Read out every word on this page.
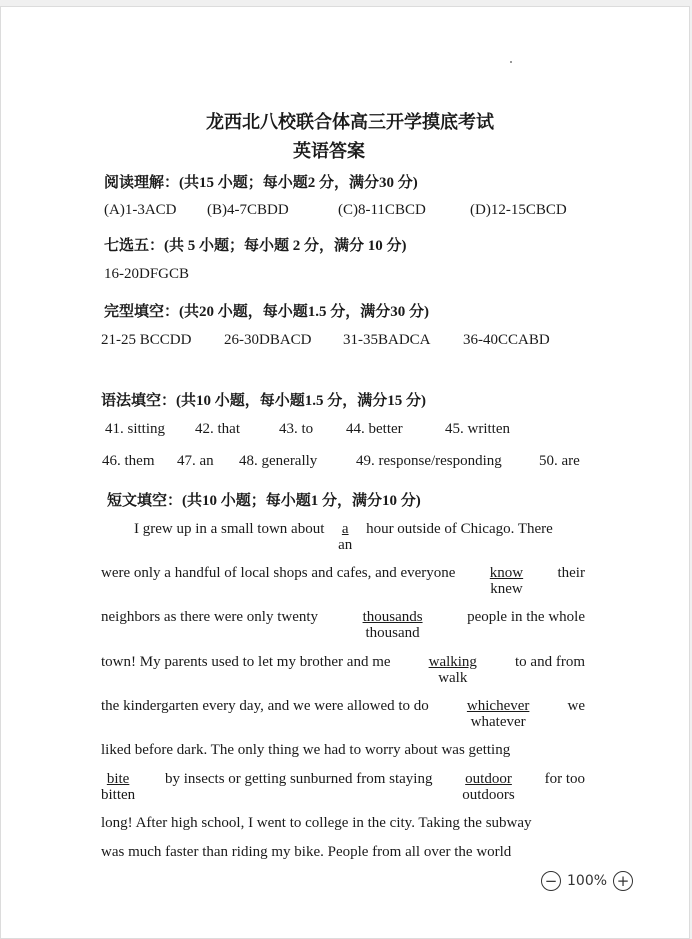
龙西北八校联合体高三开学摸底考试
英语答案
阅读理解：(共15 小题；每小题2 分，满分30 分)
(A)1-3ACD (B)4-7CBDD	(C)8-11CBCD	(D)12-15CBCD
七选五：(共 5 小题；每小题 2 分，满分 10 分)
16-20DFGCB
完型填空：(共20 小题，每小题1.5 分，满分30 分)
21-25 BCCDD 26-30DBACD 31-35BADCA 36-40CCABD
语法填空：(共10 小题，每小题1.5 分，满分15 分)
41. sitting 42. that	43. to 44. better	45. written
46. them 47. an 48. generally	49. response/responding 50. are
短文填空：(共10 小题；每小题1 分，满分10 分)
I grew up in a small town about $\frac{a}{an}$ hour outside of Chicago. There
were only a handful of local shops and cafes, and everyone know
knew
their
neighbors as there were only twenty	thousands
thousand
people in the whole
town! My parents used to let my brother and me	walking
walk
to and from
the kindergarten every day, and we were allowed to do	whichever
whatever
we
liked before dark. The only thing we had to worry about was getting
bite
bitten
by insects or getting sunburned from staying outdoor
outdoors
for too
long! After high school, I went to college in the city. Taking the subway
was much faster than riding my bike. People from all over the world
− 100% +
